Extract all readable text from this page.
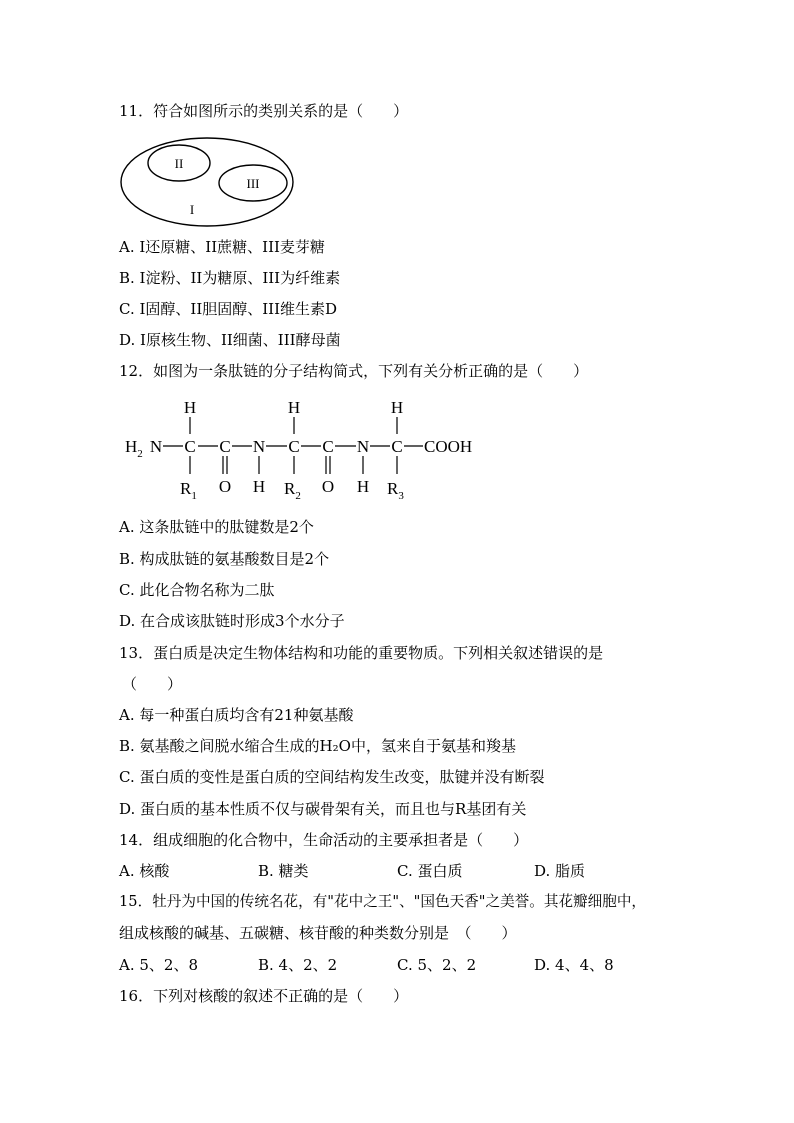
11．符合如图所示的类别关系的是（　　）
II
III
I
A. I还原糖、II蔗糖、III麦芽糖
B. I淀粉、II为糖原、III为纤维素
C. I固醇、II胆固醇、III维生素D
D. I原核生物、II细菌、III酵母菌
12．如图为一条肽链的分子结构简式，下列有关分析正确的是（　　）
H	H	H
$H_2$ N C C N C C N C COOH
$R_1$ O H $R_2$ O H $R_3$
A. 这条肽链中的肽键数是2个
B. 构成肽链的氨基酸数目是2个
C. 此化合物名称为二肽
D. 在合成该肽链时形成3个水分子
13．蛋白质是决定生物体结构和功能的重要物质。下列相关叙述错误的是
（　　）
A. 每一种蛋白质均含有21种氨基酸
B. 氨基酸之间脱水缩合生成的H₂O中，氢来自于氨基和羧基
C. 蛋白质的变性是蛋白质的空间结构发生改变，肽键并没有断裂
D. 蛋白质的基本性质不仅与碳骨架有关，而且也与R基团有关
14．组成细胞的化合物中，生命活动的主要承担者是（　　）
A. 核酸	B. 糖类	C. 蛋白质	D. 脂质
15．牡丹为中国的传统名花，有"花中之王"、"国色天香"之美誉。其花瓣细胞中，
组成核酸的碱基、五碳糖、核苷酸的种类数分别是　（　　）
A. 5、2、8	B. 4、2、2	C. 5、2、2	D. 4、4、8
16．下列对核酸的叙述不正确的是（　　）
